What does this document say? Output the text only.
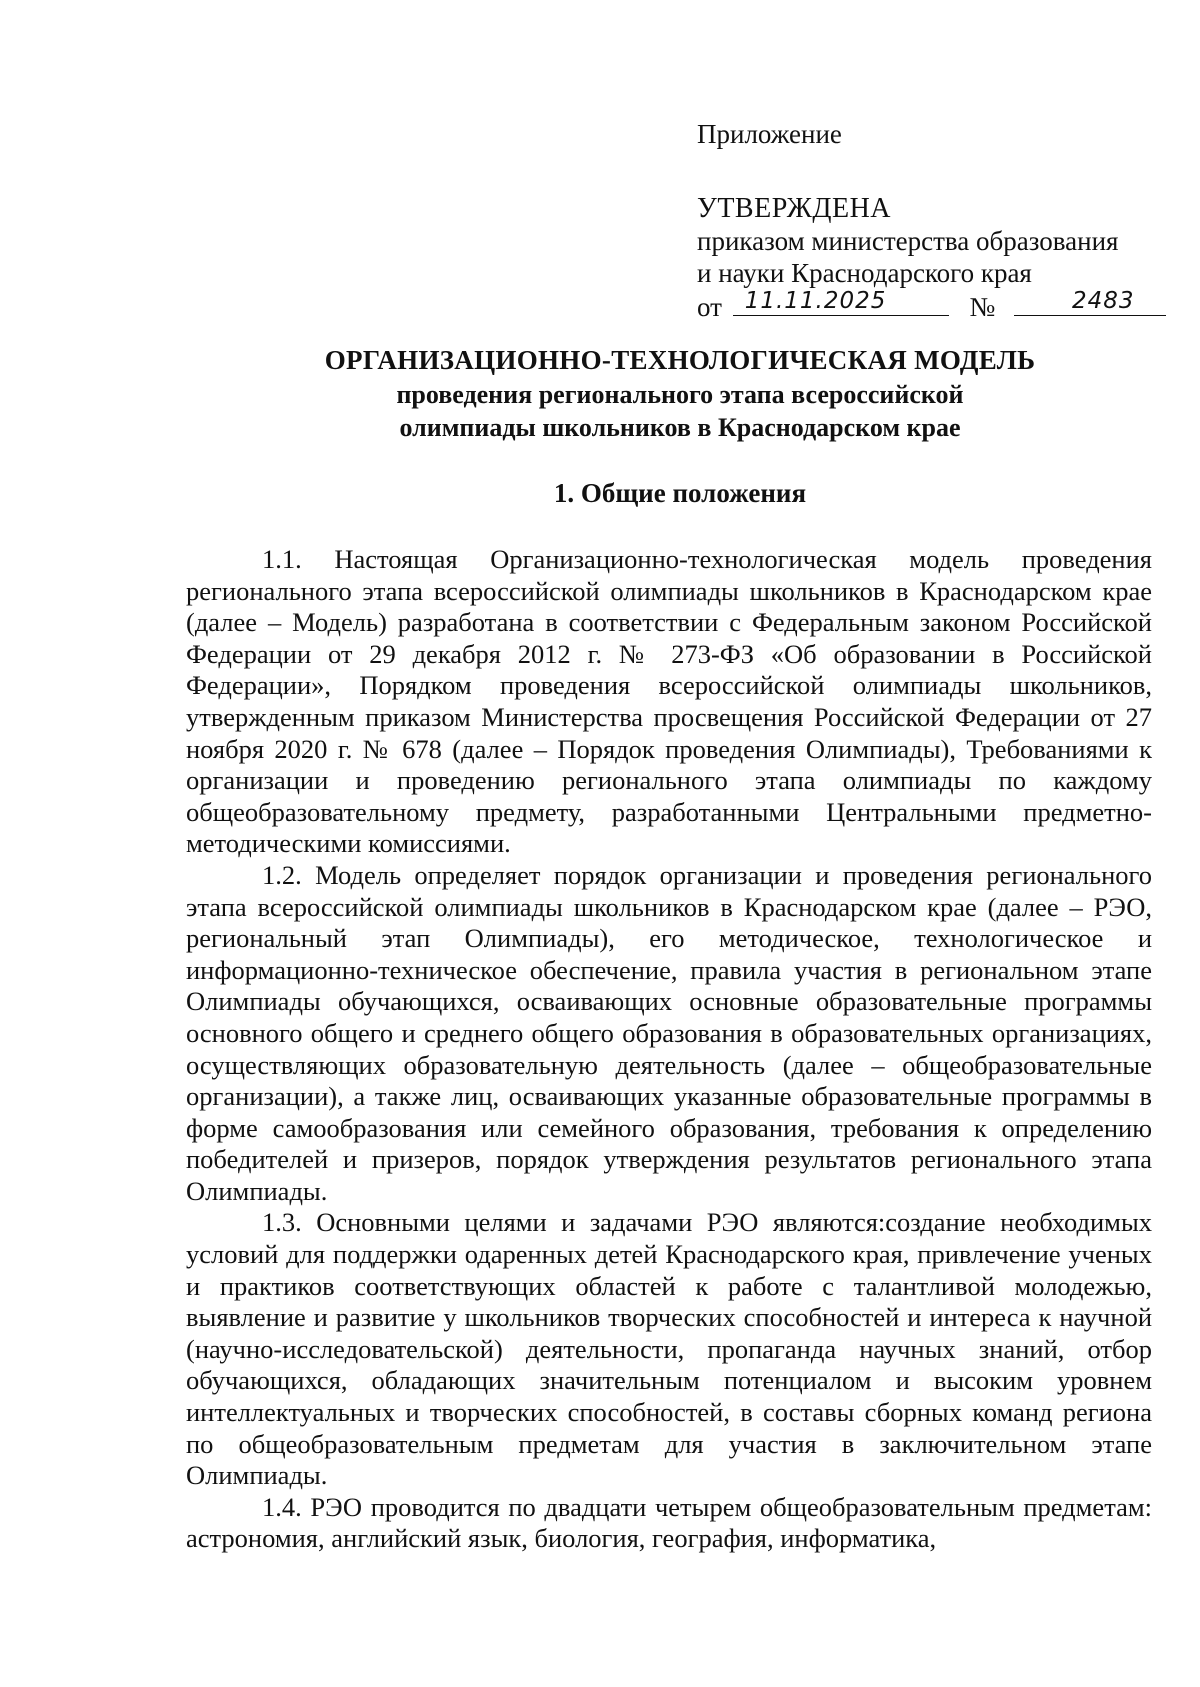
Приложение
УТВЕРЖДЕНА
приказом министерства образования
и науки Краснодарского края
от 11.11.2025	№	2483
ОРГАНИЗАЦИОННО-ТЕХНОЛОГИЧЕСКАЯ МОДЕЛЬ
проведения регионального этапа всероссийской
олимпиады школьников в Краснодарском крае
1. Общие положения

1.1. Настоящая Организационно-технологическая модель проведения регионального этапа всероссийской олимпиады школьников в Краснодарском крае (далее – Модель) разработана в соответствии с Федеральным законом Российской Федерации от 29 декабря 2012 г. № 273-ФЗ «Об образовании в Российской Федерации», Порядком проведения всероссийской олимпиады школьников, утвержденным приказом Министерства просвещения Российской Федерации от 27 ноября 2020 г. № 678 (далее – Порядок проведения Олимпиады), Требованиями к организации и проведению регионального этапа олимпиады по каждому общеобразовательному предмету, разработанными Центральными предметно-методическими комиссиями.

1.2. Модель определяет порядок организации и проведения регионального этапа всероссийской олимпиады школьников в Краснодарском крае (далее – РЭО, региональный этап Олимпиады), его методическое, технологическое и информационно-техническое обеспечение, правила участия в региональном этапе Олимпиады обучающихся, осваивающих основные образовательные программы основного общего и среднего общего образования в образовательных организациях, осуществляющих образовательную деятельность (далее – общеобразовательные организации), а также лиц, осваивающих указанные образовательные программы в форме самообразования или семейного образования, требования к определению победителей и призеров, порядок утверждения результатов регионального этапа Олимпиады.

1.3. Основными целями и задачами РЭО являются:создание необходимых условий для поддержки одаренных детей Краснодарского края, привлечение ученых и практиков соответствующих областей к работе с талантливой молодежью, выявление и развитие у школьников творческих способностей и интереса к научной (научно-исследовательской) деятельности, пропаганда научных знаний, отбор обучающихся, обладающих значительным потенциалом и высоким уровнем интеллектуальных и творческих способностей, в составы сборных команд региона по общеобразовательным предметам для участия в заключительном этапе Олимпиады.

1.4. РЭО проводится по двадцати четырем общеобразовательным предметам: астрономия, английский язык, биология, география, информатика,
